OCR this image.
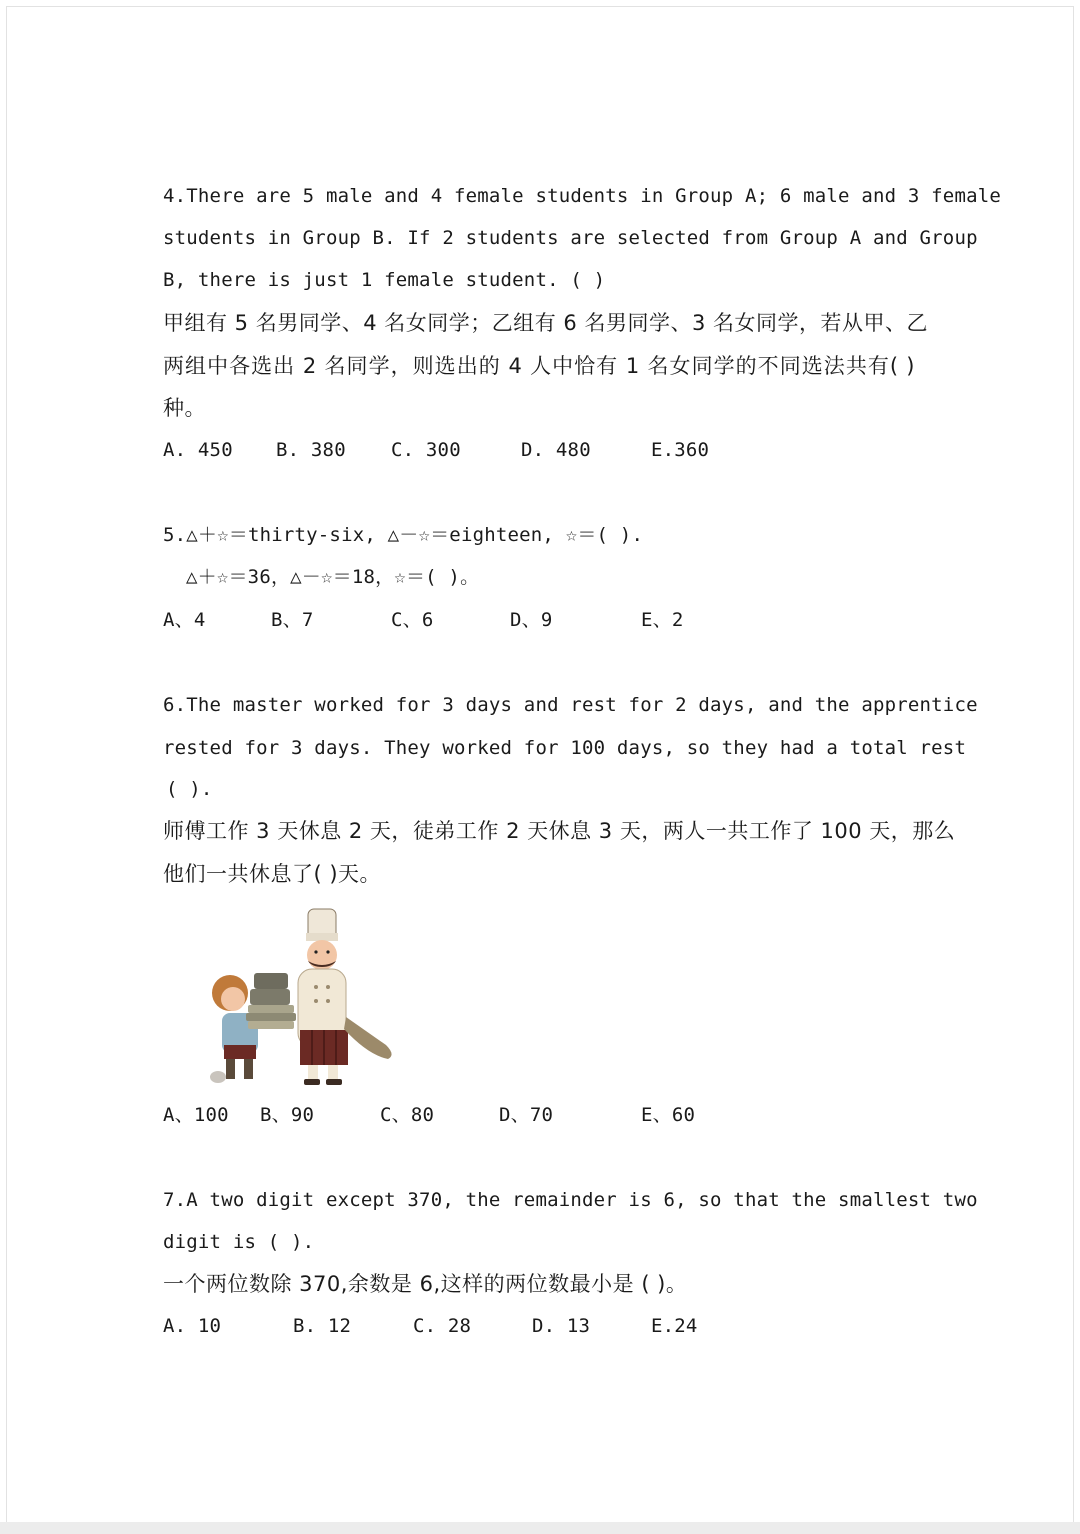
4.There are 5 male and 4 female students in Group A; 6 male and 3 female
students in Group B. If 2 students are selected from Group A and Group
B, there is just 1 female student. ( )
甲组有 5 名男同学、4 名女同学；乙组有 6 名男同学、3 名女同学，若从甲、乙
两组中各选出 2 名同学，则选出的 4 人中恰有 1 名女同学的不同选法共有( )
种。
A. 450 B. 380 C. 300	D. 480	E.360
5.△＋☆＝thirty-six, △－☆＝eighteen, ☆＝( ).
△＋☆＝36，△－☆＝18，☆＝( )。
A、4	B、7	C、6	D、9	E、2
6.The master worked for 3 days and rest for 2 days, and the apprentice
rested for 3 days. They worked for 100 days, so they had a total rest
( ).
师傅工作 3 天休息 2 天，徒弟工作 2 天休息 3 天，两人一共工作了 100 天，那么
他们一共休息了( )天。
A、100 B、90	C、80	D、70	E、60
7.A two digit except 370, the remainder is 6, so that the smallest two
digit is ( ).
一个两位数除 370,余数是 6,这样的两位数最小是 ( )。
A. 10	B. 12	C. 28	D. 13	E.24
